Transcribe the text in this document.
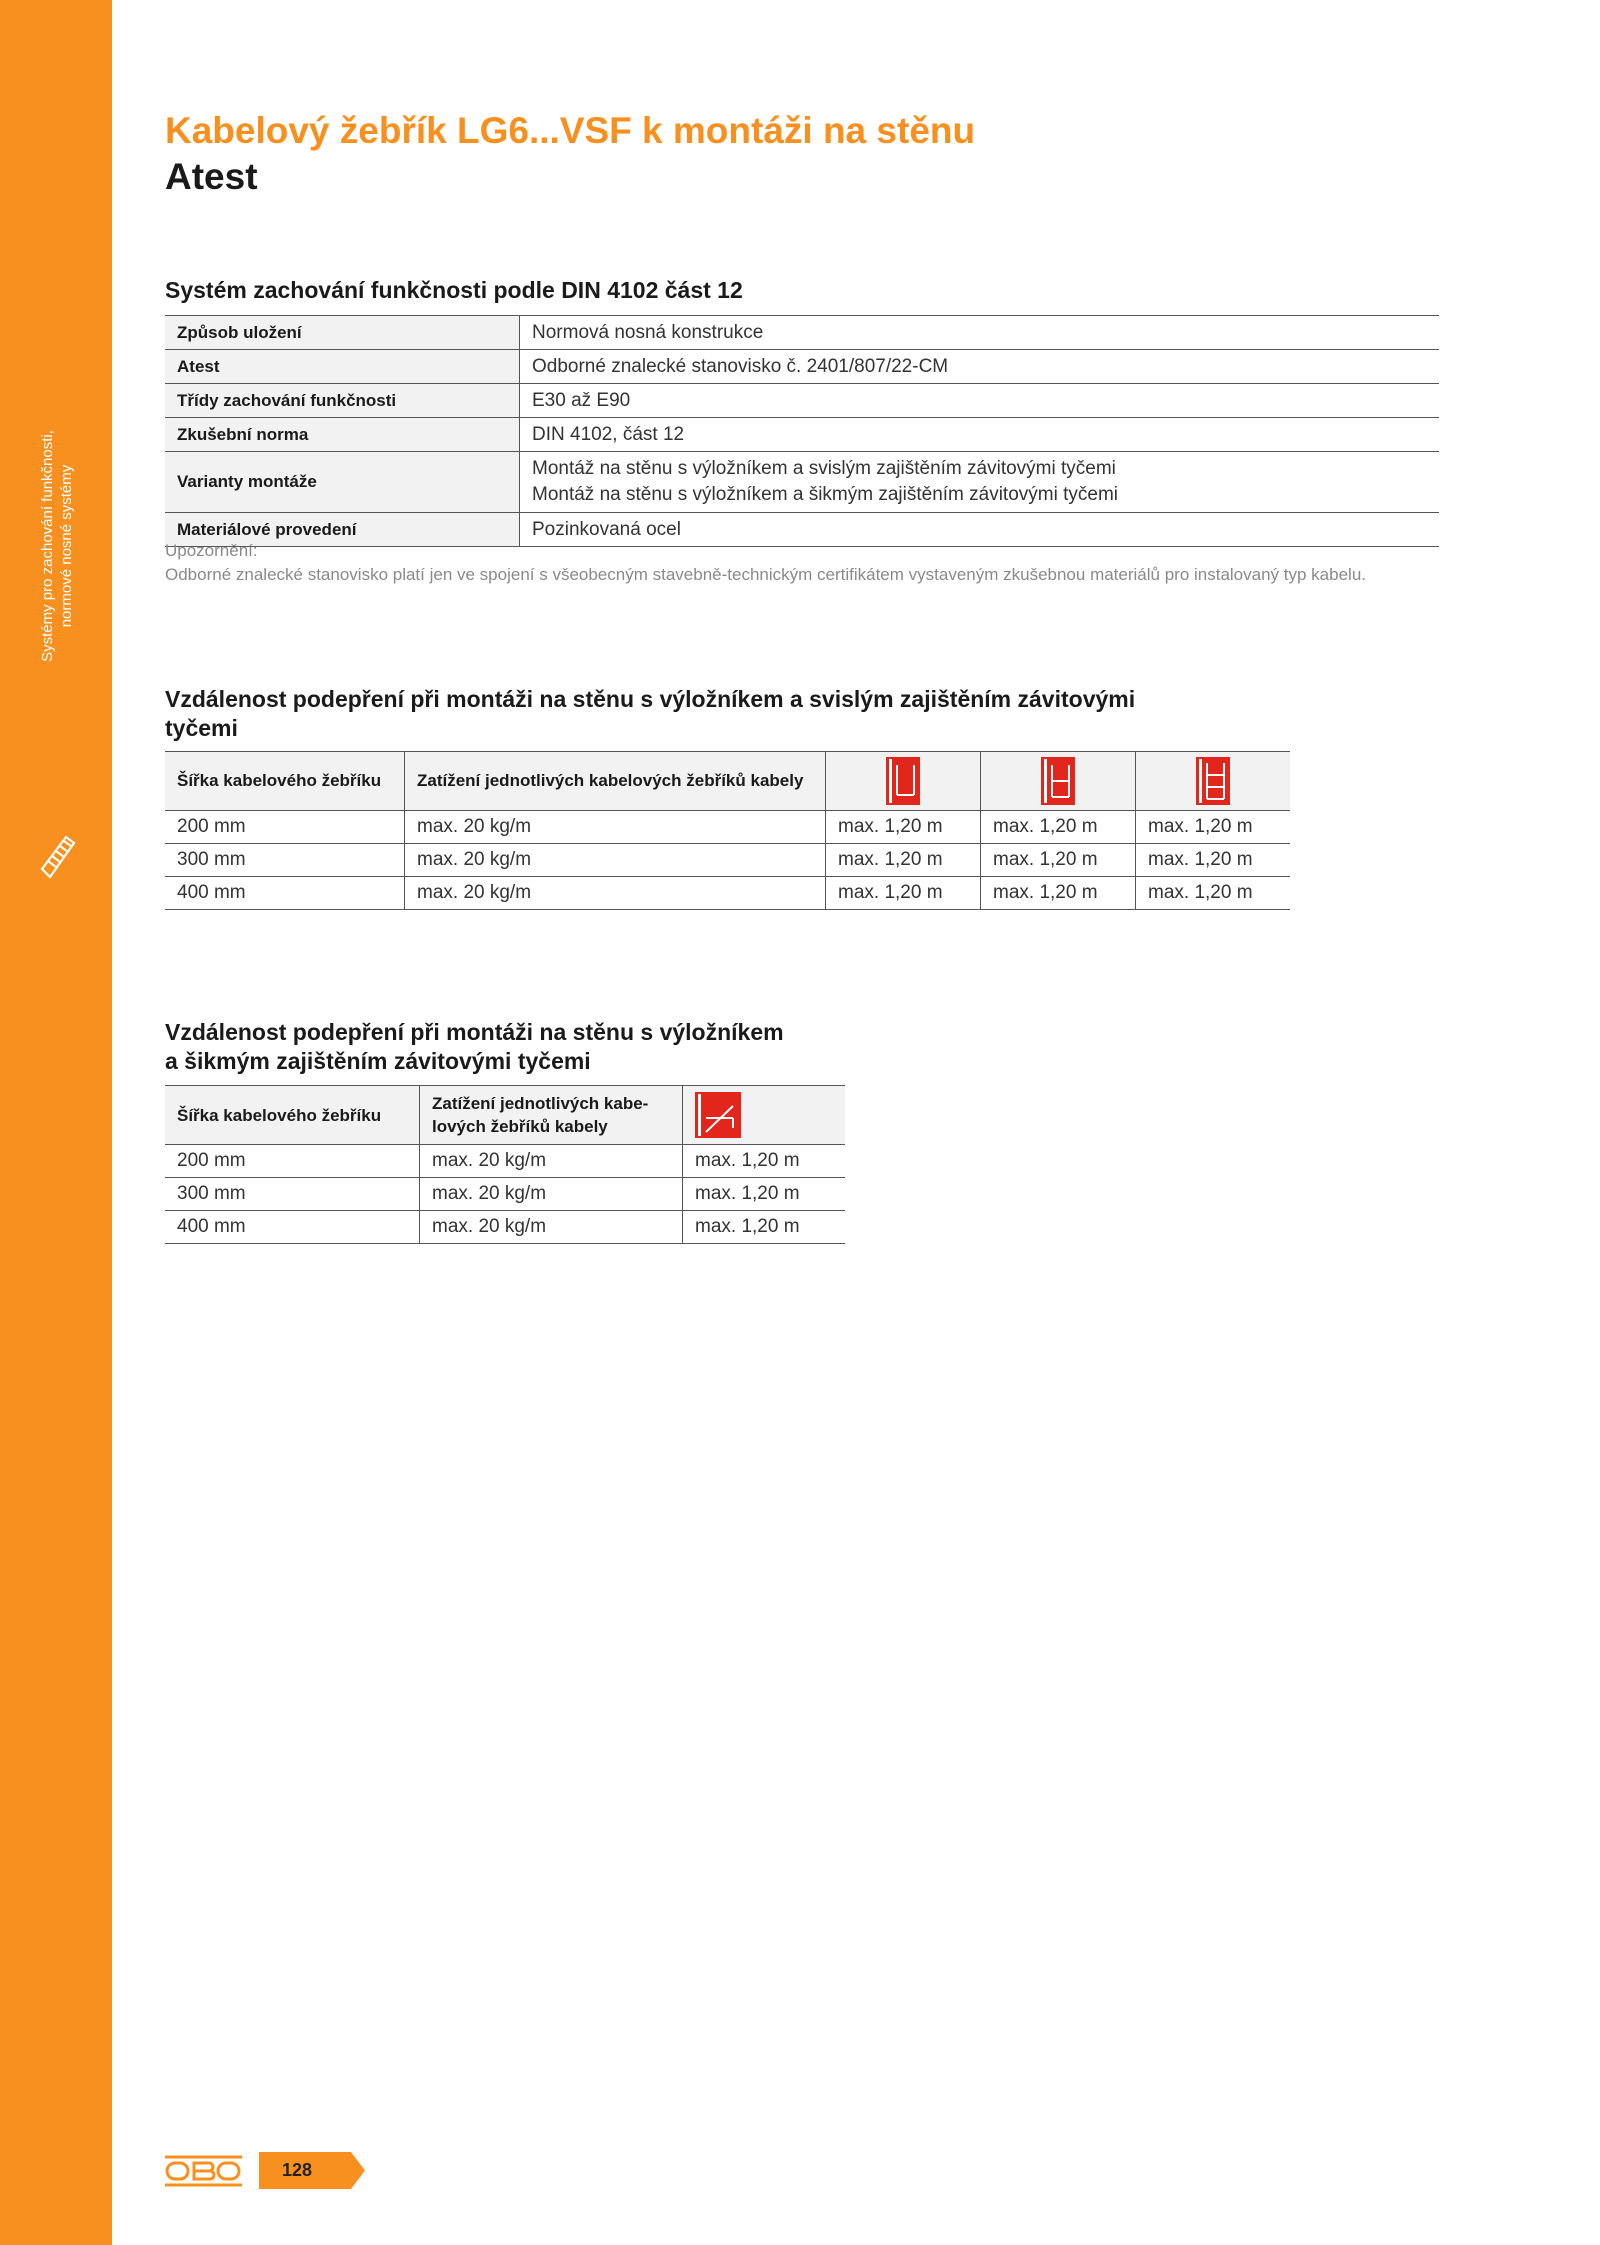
Systémy pro zachování funkčnosti, normové nosné systémy
Kabelový žebřík LG6...VSF k montáži na stěnu
Atest
Systém zachování funkčnosti podle DIN 4102 část 12
Způsob uložení	Normová nosná konstrukce
Atest	Odborné znalecké stanovisko č. 2401/807/22-CM
Třídy zachování funkčnosti	E30 až E90
Zkušební norma	DIN 4102, část 12
Varianty montáže	Montáž na stěnu s výložníkem a svislým zajištěním závitovými tyčemi
Montáž na stěnu s výložníkem a šikmým zajištěním závitovými tyčemi

Materiálové provedení	Pozinkovaná ocel
Upozornění:
Odborné znalecké stanovisko platí jen ve spojení s všeobecným stavebně-technickým certifikátem vystaveným zkušebnou materiálů pro instalovaný typ kabelu.
Vzdálenost podepření při montáži na stěnu s výložníkem a svislým zajištěním závitovými
tyčemi
Šířka kabelového žebříku	Zatížení jednotlivých kabelových žebříků kabely			
200 mm	max. 20 kg/m	max. 1,20 m	max. 1,20 m	max. 1,20 m
300 mm	max. 20 kg/m	max. 1,20 m	max. 1,20 m	max. 1,20 m
400 mm	max. 20 kg/m	max. 1,20 m	max. 1,20 m	max. 1,20 m
Vzdálenost podepření při montáži na stěnu s výložníkem
a šikmým zajištěním závitovými tyčemi
Šířka kabelového žebříku	Zatížení jednotlivých kabe-
lových žebříků kabely

200 mm	max. 20 kg/m	max. 1,20 m
300 mm	max. 20 kg/m	max. 1,20 m
400 mm	max. 20 kg/m	max. 1,20 m
128
